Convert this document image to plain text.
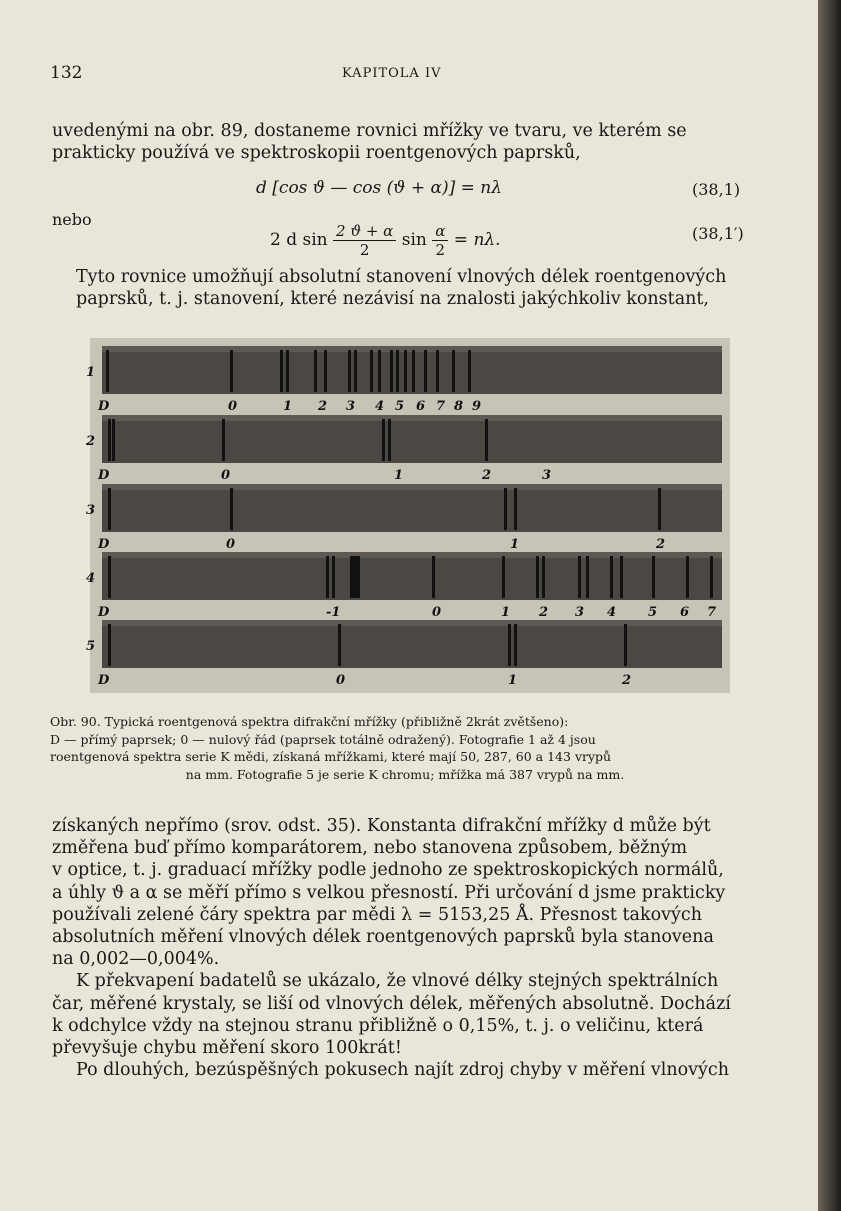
132	KAPITOLA IV
uvedenými na obr. 89, dostaneme rovnici mřížky ve tvaru, ve kterém se
prakticky používá ve spektroskopii roentgenových paprsků,
d [cos ϑ — cos (ϑ + α)] = nλ	(38,1)
nebo
2 d $\sin \frac{2 ϑ + \alpha}{2}$ $\sin \frac{\alpha}{2} = n\lambda$.	(38,1′)
Tyto rovnice umožňují absolutní stanovení vlnových délek roentgenových
paprsků, t. j. stanovení, které nezávisí na znalosti jakýchkoliv konstant,
1
D	0	1 2 3 4 5 6 7 8 9
2
D	0	1	2	3
3
D	0	1	2
4
D	-1	0	1 2 3 4 5 6 7
5
D	0	1	2
Obr. 90. Typická roentgenová spektra difrakční mřížky (přibližně 2krát zvětšeno):
D — přímý paprsek; 0 — nulový řád (paprsek totálně odražený). Fotografie 1 až 4 jsou
roentgenová spektra serie K mědi, získaná mřížkami, které mají 50, 287, 60 a 143 vrypů
na mm. Fotografie 5 je serie K chromu; mřížka má 387 vrypů na mm.
získaných nepřímo (srov. odst. 35). Konstanta difrakční mřížky d může být
změřena buď přímo komparátorem, nebo stanovena způsobem, běžným
v optice, t. j. graduací mřížky podle jednoho ze spektroskopických normálů,
a úhly ϑ a α se měří přímo s velkou přesností. Při určování d jsme prakticky
používali zelené čáry spektra par mědi λ = 5153,25 Å. Přesnost takových
absolutních měření vlnových délek roentgenových paprsků byla stanovena
na 0,002—0,004%.
K překvapení badatelů se ukázalo, že vlnové délky stejných spektrálních
čar, měřené krystaly, se liší od vlnových délek, měřených absolutně. Dochází
k odchylce vždy na stejnou stranu přibližně o 0,15%, t. j. o veličinu, která
převyšuje chybu měření skoro 100krát!
Po dlouhých, bezúspěšných pokusech najít zdroj chyby v měření vlnových
